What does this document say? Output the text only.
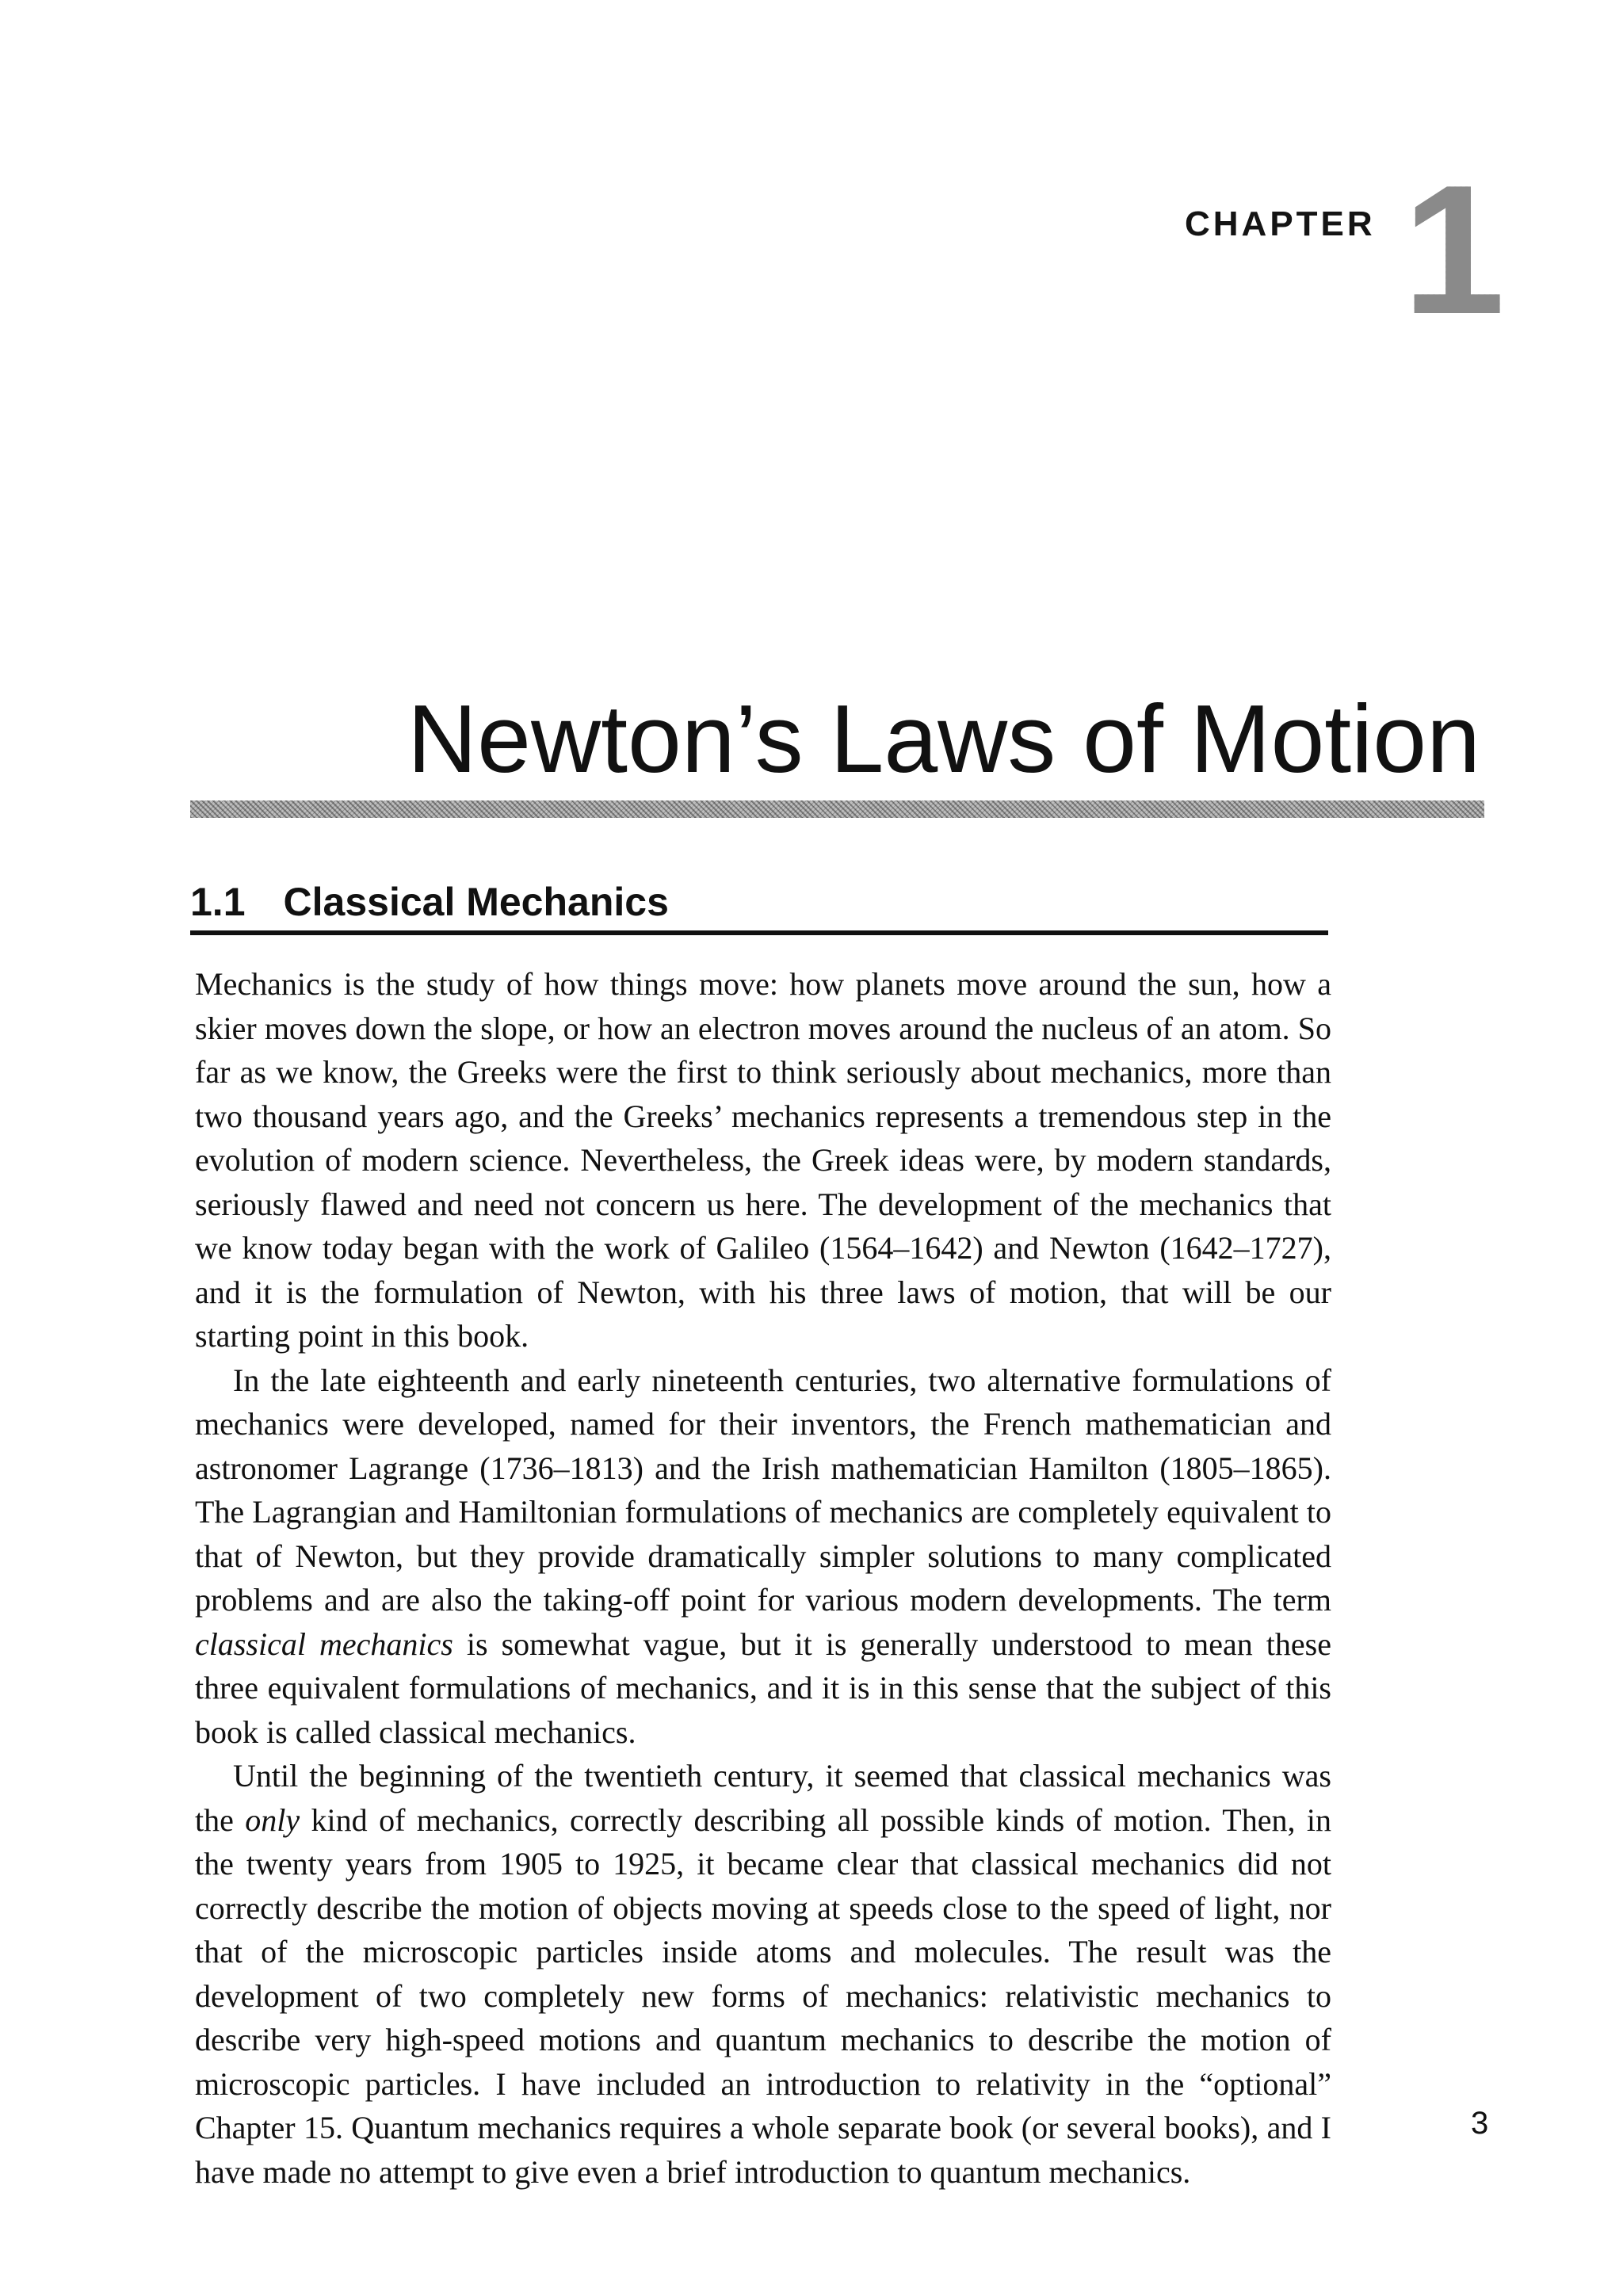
CHAPTER 1
Newton’s Laws of Motion
1.1 Classical Mechanics

Mechanics is the study of how things move: how planets move around the sun, how a skier moves down the slope, or how an electron moves around the nucleus of an atom. So far as we know, the Greeks were the first to think seriously about mechanics, more than two thousand years ago, and the Greeks’ mechanics represents a tremendous step in the evolution of modern science. Nevertheless, the Greek ideas were, by modern standards, seriously flawed and need not concern us here. The development of the mechanics that we know today began with the work of Galileo (1564–1642) and Newton (1642–1727), and it is the formulation of Newton, with his three laws of motion, that will be our starting point in this book.

In the late eighteenth and early nineteenth centuries, two alternative formulations of mechanics were developed, named for their inventors, the French mathematician and astronomer Lagrange (1736–1813) and the Irish mathematician Hamilton (1805–1865). The Lagrangian and Hamiltonian formulations of mechanics are completely equivalent to that of Newton, but they provide dramatically simpler solutions to many complicated problems and are also the taking-off point for various modern developments. The term classical mechanics is somewhat vague, but it is generally understood to mean these three equivalent formulations of mechanics, and it is in this sense that the subject of this book is called classical mechanics.

Until the beginning of the twentieth century, it seemed that classical mechanics was the only kind of mechanics, correctly describing all possible kinds of motion. Then, in the twenty years from 1905 to 1925, it became clear that classical mechanics did not correctly describe the motion of objects moving at speeds close to the speed of light, nor that of the microscopic particles inside atoms and molecules. The result was the development of two completely new forms of mechanics: relativistic mechanics to describe very high-speed motions and quantum mechanics to describe the motion of microscopic particles. I have included an introduction to relativity in the “optional” Chapter 15. Quantum mechanics requires a whole separate book (or several books), and I have made no attempt to give even a brief introduction to quantum mechanics.

3
